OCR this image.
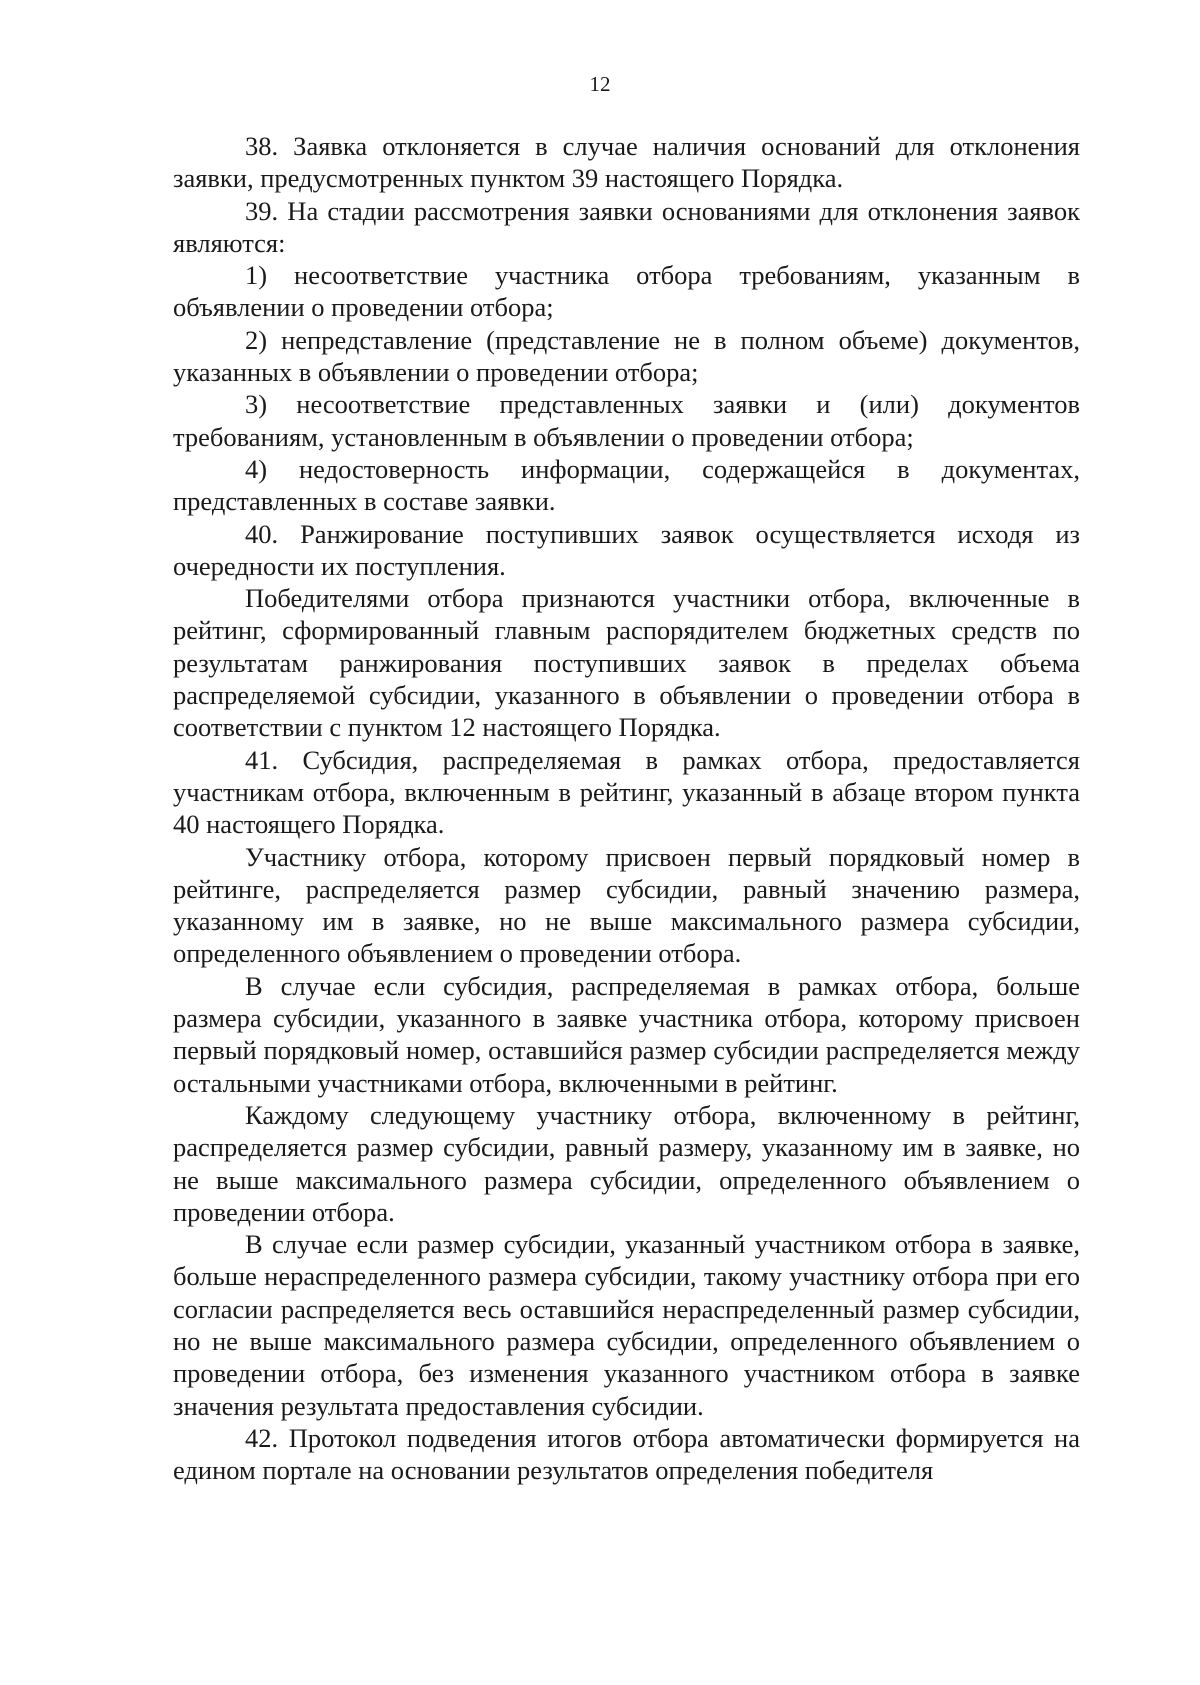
12

38. Заявка отклоняется в случае наличия оснований для отклонения заявки, предусмотренных пунктом 39 настоящего Порядка.

39. На стадии рассмотрения заявки основаниями для отклонения заявок являются:

1) несоответствие участника отбора требованиям, указанным в объявлении о проведении отбора;

2) непредставление (представление не в полном объеме) документов, указанных в объявлении о проведении отбора;

3) несоответствие представленных заявки и (или) документов требованиям, установленным в объявлении о проведении отбора;

4) недостоверность информации, содержащейся в документах, представленных в составе заявки.

40. Ранжирование поступивших заявок осуществляется исходя из очередности их поступления.

Победителями отбора признаются участники отбора, включенные в рейтинг, сформированный главным распорядителем бюджетных средств по результатам ранжирования поступивших заявок в пределах объема распределяемой субсидии, указанного в объявлении о проведении отбора в соответствии с пунктом 12 настоящего Порядка.

41. Субсидия, распределяемая в рамках отбора, предоставляется участникам отбора, включенным в рейтинг, указанный в абзаце втором пункта 40 настоящего Порядка.

Участнику отбора, которому присвоен первый порядковый номер в рейтинге, распределяется размер субсидии, равный значению размера, указанному им в заявке, но не выше максимального размера субсидии, определенного объявлением о проведении отбора.

В случае если субсидия, распределяемая в рамках отбора, больше размера субсидии, указанного в заявке участника отбора, которому присвоен первый порядковый номер, оставшийся размер субсидии распределяется между остальными участниками отбора, включенными в рейтинг.

Каждому следующему участнику отбора, включенному в рейтинг, распределяется размер субсидии, равный размеру, указанному им в заявке, но не выше максимального размера субсидии, определенного объявлением о проведении отбора.

В случае если размер субсидии, указанный участником отбора в заявке, больше нераспределенного размера субсидии, такому участнику отбора при его согласии распределяется весь оставшийся нераспределенный размер субсидии, но не выше максимального размера субсидии, определенного объявлением о проведении отбора, без изменения указанного участником отбора в заявке значения результата предоставления субсидии.

42. Протокол подведения итогов отбора автоматически формируется на едином портале на основании результатов определения победителя
